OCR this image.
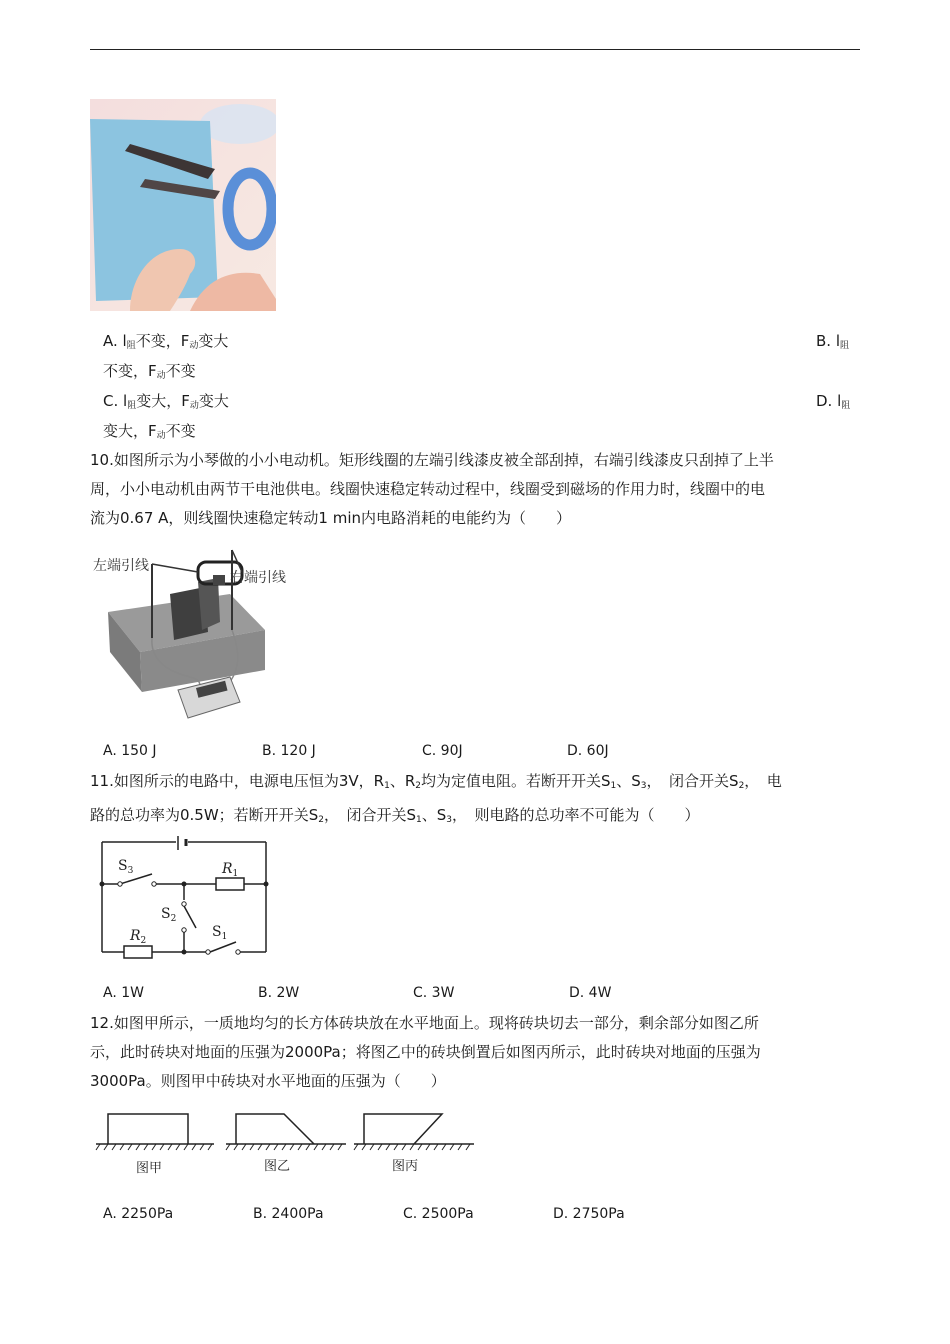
A. $l_阻$不变，$F_动$变大	B. $l_阻$
不变，$F_动$不变
C. $l_阻$变大，$F_动$变大	D. $l_阻$
变大，$F_动$不变
10.如图所示为小琴做的小小电动机。矩形线圈的左端引线漆皮被全部刮掉，右端引线漆皮只刮掉了上半
周，小小电动机由两节干电池供电。线圈快速稳定转动过程中，线圈受到磁场的作用力时，线圈中的电
流为0.67 A，则线圈快速稳定转动1 min内电路消耗的电能约为（　　）
左端引线
右端引线
A. 150 J	B. 120 J	C. 90J	D. 60J
11.如图所示的电路中，电源电压恒为3V，$R_1$、$R_2$均为定值电阻。若断开开关$S_1$、$S_3$，　闭合开关$S_2$，　电
路的总功率为0.5W；若断开开关$S_2$，　闭合开关$S_1$、$S_3$，　则电路的总功率不可能为（　　）
$S_3$	$R_1$
$S_2$
$R_2$
$S_1$
A. 1W	B. 2W	C. 3W	D. 4W
12.如图甲所示，一质地均匀的长方体砖块放在水平地面上。现将砖块切去一部分，剩余部分如图乙所
示，此时砖块对地面的压强为2000Pa；将图乙中的砖块倒置后如图丙所示，此时砖块对地面的压强为
3000Pa。则图甲中砖块对水平地面的压强为（　　）
图甲	图乙	图丙
A. 2250Pa	B. 2400Pa	C. 2500Pa	D. 2750Pa
